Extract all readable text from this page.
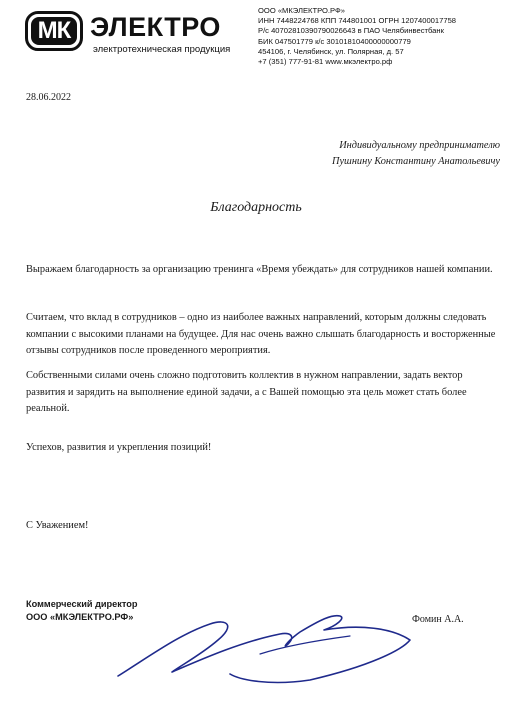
МК ЭЛЕКТРО
электротехническая продукция
ООО «МКЭЛЕКТРО.РФ»
ИНН 7448224768 КПП 744801001 ОГРН 1207400017758
Р/с 40702810390790026643 в ПАО Челябинвестбанк
БИК 047501779 к/с 30101810400000000779
454106, г. Челябинск, ул. Полярная, д. 57
+7 (351) 777-91-81 www.мкэлектро.рф
28.06.2022
Индивидуальному предпринимателю
Пушнину Константину Анатольевичу
Благодарность
Выражаем благодарность за организацию тренинга «Время убеждать» для сотрудников нашей компании.
Считаем, что вклад в сотрудников – одно из наиболее важных направлений, которым должны следовать компании с высокими планами на будущее. Для нас очень важно слышать благодарность и восторженные отзывы сотрудников после проведенного мероприятия.
Собственными силами очень сложно подготовить коллектив в нужном направлении, задать вектор развития и зарядить на выполнение единой задачи, а с Вашей помощью эта цель может стать более реальной.
Успехов, развития и укрепления позиций!
С Уважением!
Коммерческий директор
ООО «МКЭЛЕКТРО.РФ»	Фомин А.А.
